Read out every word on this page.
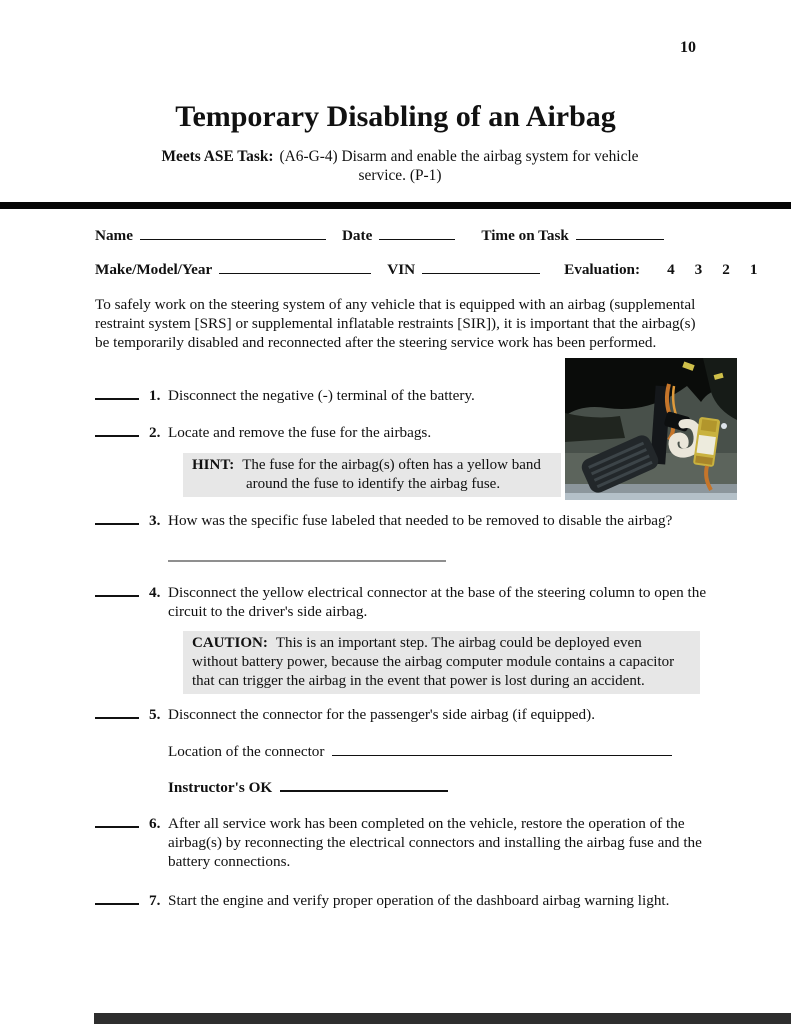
10
Temporary Disabling of an Airbag
Meets ASE Task: (A6-G-4) Disarm and enable the airbag system for vehicle service. (P-1)
Name	Date	Time on Task
Make/Model/Year	VIN	Evaluation: 4 3 2 1
To safely work on the steering system of any vehicle that is equipped with an airbag (supplemental restraint system [SRS] or supplemental inflatable restraints [SIR]), it is important that the airbag(s) be temporarily disabled and reconnected after the steering service work has been performed.
1. Disconnect the negative (-) terminal of the battery.
2. Locate and remove the fuse for the airbags.
HINT: The fuse for the airbag(s) often has a yellow band around the fuse to identify the airbag fuse.
3. How was the specific fuse labeled that needed to be removed to disable the airbag?
4. Disconnect the yellow electrical connector at the base of the steering column to open the circuit to the driver's side airbag.
CAUTION: This is an important step. The airbag could be deployed even without battery power, because the airbag computer module contains a capacitor that can trigger the airbag in the event that power is lost during an accident.
5. Disconnect the connector for the passenger's side airbag (if equipped).
Location of the connector
Instructor's OK
6. After all service work has been completed on the vehicle, restore the operation of the airbag(s) by reconnecting the electrical connectors and installing the airbag fuse and the battery connections.
7. Start the engine and verify proper operation of the dashboard airbag warning light.
